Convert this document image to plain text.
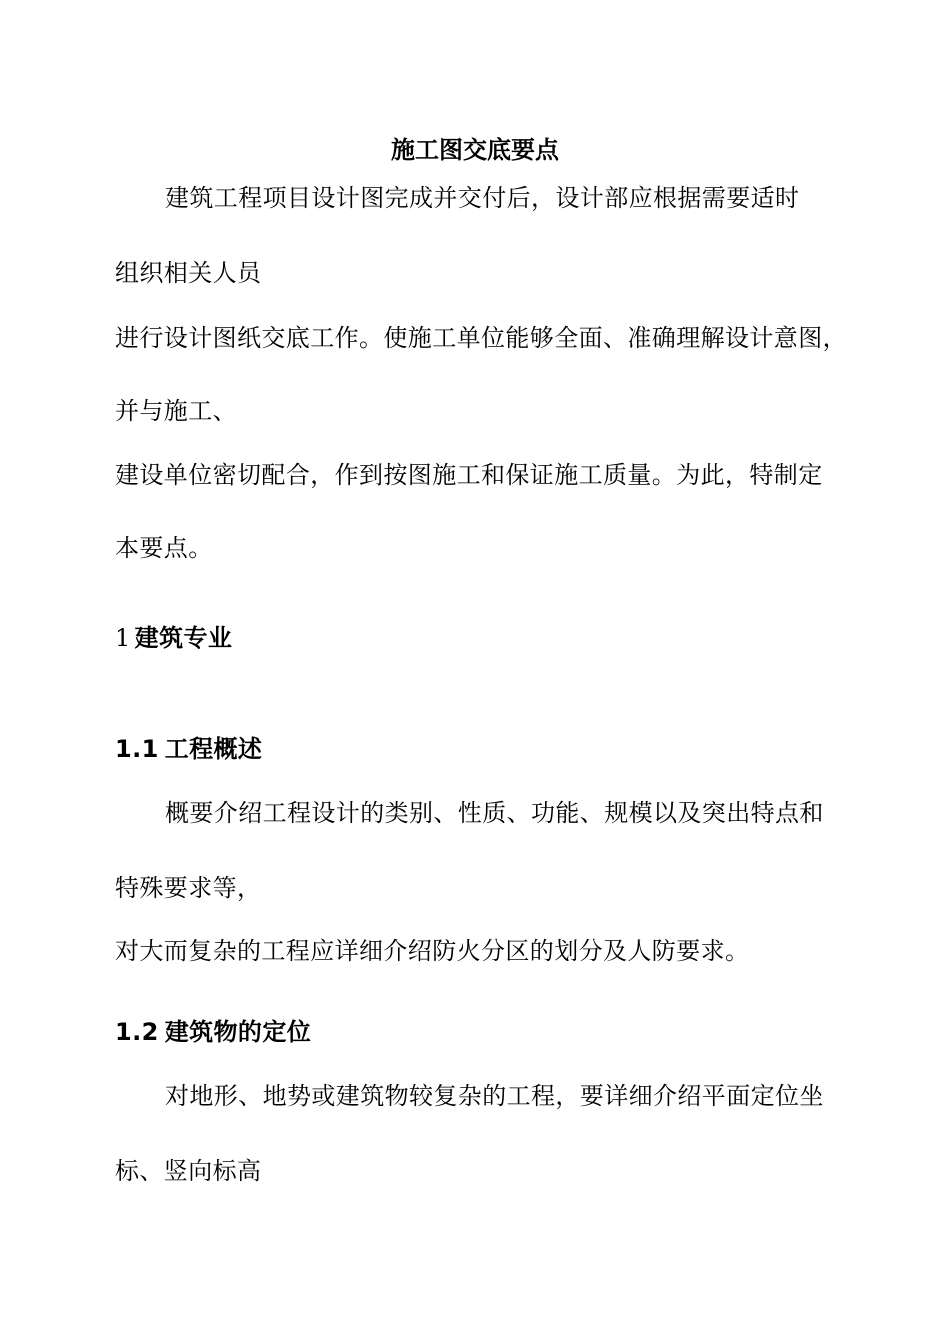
施工图交底要点
建筑工程项目设计图完成并交付后，设计部应根据需要适时
组织相关人员
进行设计图纸交底工作。使施工单位能够全面、准确理解设计意图，
并与施工、
建设单位密切配合，作到按图施工和保证施工质量。为此，特制定
本要点。
1 建筑专业
1.1 工程概述
概要介绍工程设计的类别、性质、功能、规模以及突出特点和
特殊要求等，
对大而复杂的工程应详细介绍防火分区的划分及人防要求。
1.2 建筑物的定位
对地形、地势或建筑物较复杂的工程，要详细介绍平面定位坐
标、竖向标高
